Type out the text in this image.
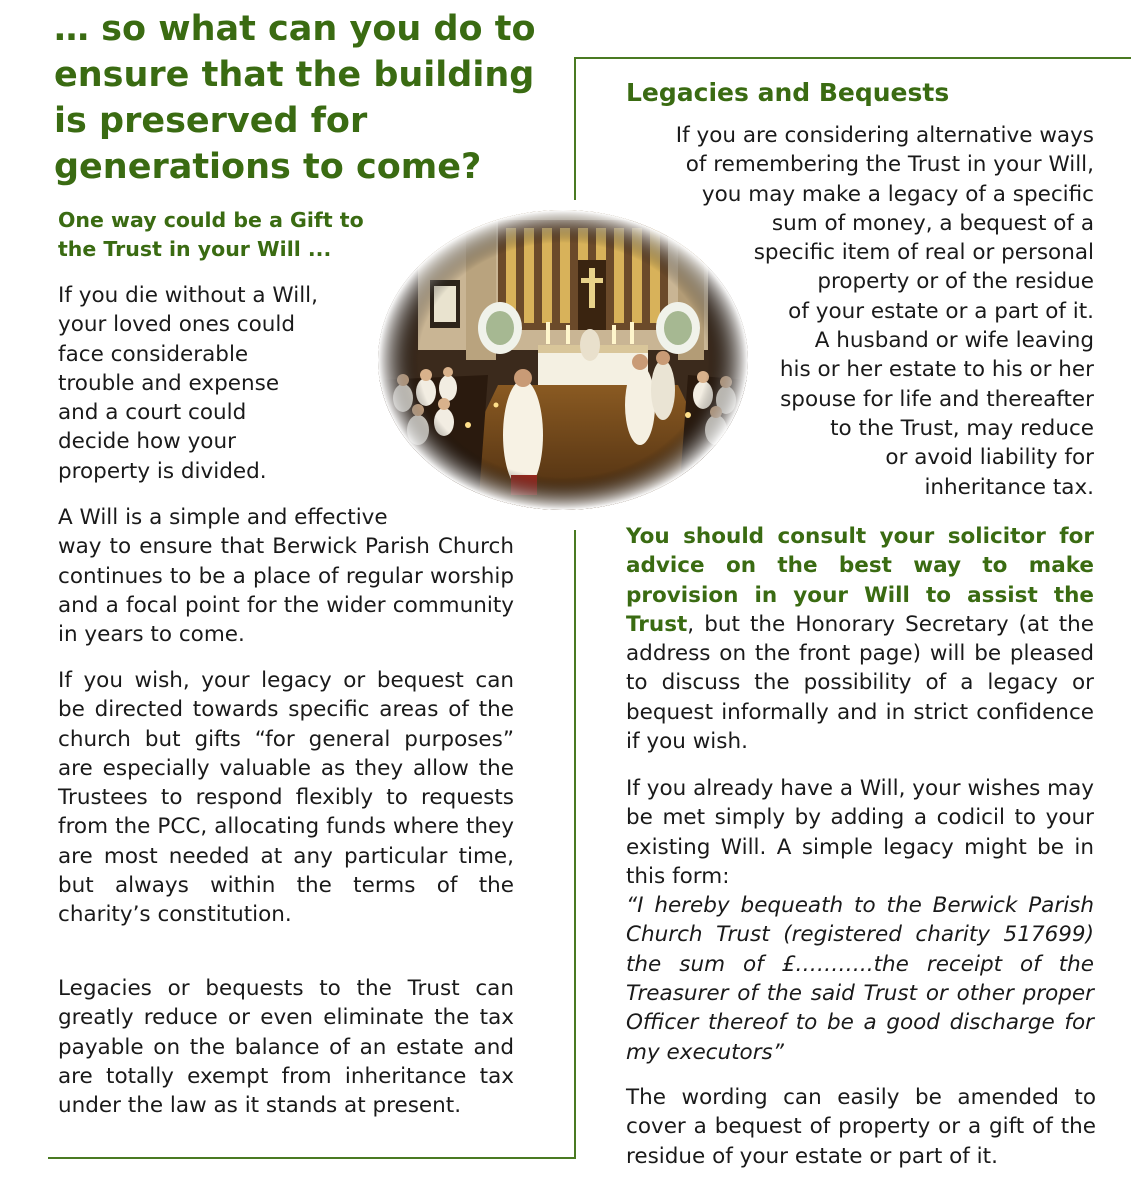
… so what can you do to ensure that the building is preserved for generations to come?

One way could be a Gift to
the Trust in your Will ...

If you die without a Will,
your loved ones could
face considerable
trouble and expense
and a court could
decide how your
property is divided.

A Will is a simple and effective
way to ensure that Berwick Parish Church continues to be a place of regular worship and a focal point for the wider community in years to come.

If you wish, your legacy or bequest can be directed towards specific areas of the church but gifts “for general purposes” are especially valuable as they allow the Trustees to respond flexibly to requests from the PCC, allocating funds where they are most needed at any particular time, but always within the terms of the charity’s constitution.

Legacies or bequests to the Trust can greatly reduce or even eliminate the tax payable on the balance of an estate and are totally exempt from inheritance tax under the law as it stands at present.

Legacies and Bequests

If you are considering alternative ways
of remembering the Trust in your Will,
you may make a legacy of a specific
sum of money, a bequest of a
specific item of real or personal
property or of the residue
of your estate or a part of it.
A husband or wife leaving
his or her estate to his or her
spouse for life and thereafter
to the Trust, may reduce
or avoid liability for
inheritance tax.

You should consult your solicitor for advice on the best way to make provision in your Will to assist the Trust, but the Honorary Secretary (at the address on the front page) will be pleased to discuss the possibility of a legacy or bequest informally and in strict confidence if you wish.

If you already have a Will, your wishes may be met simply by adding a codicil to your existing Will. A simple legacy might be in this form:
“I hereby bequeath to the Berwick Parish Church Trust (registered charity 517699) the sum of £………..the receipt of the Treasurer of the said Trust or other proper Officer thereof to be a good discharge for my executors”

The wording can easily be amended to cover a bequest of property or a gift of the residue of your estate or part of it.
